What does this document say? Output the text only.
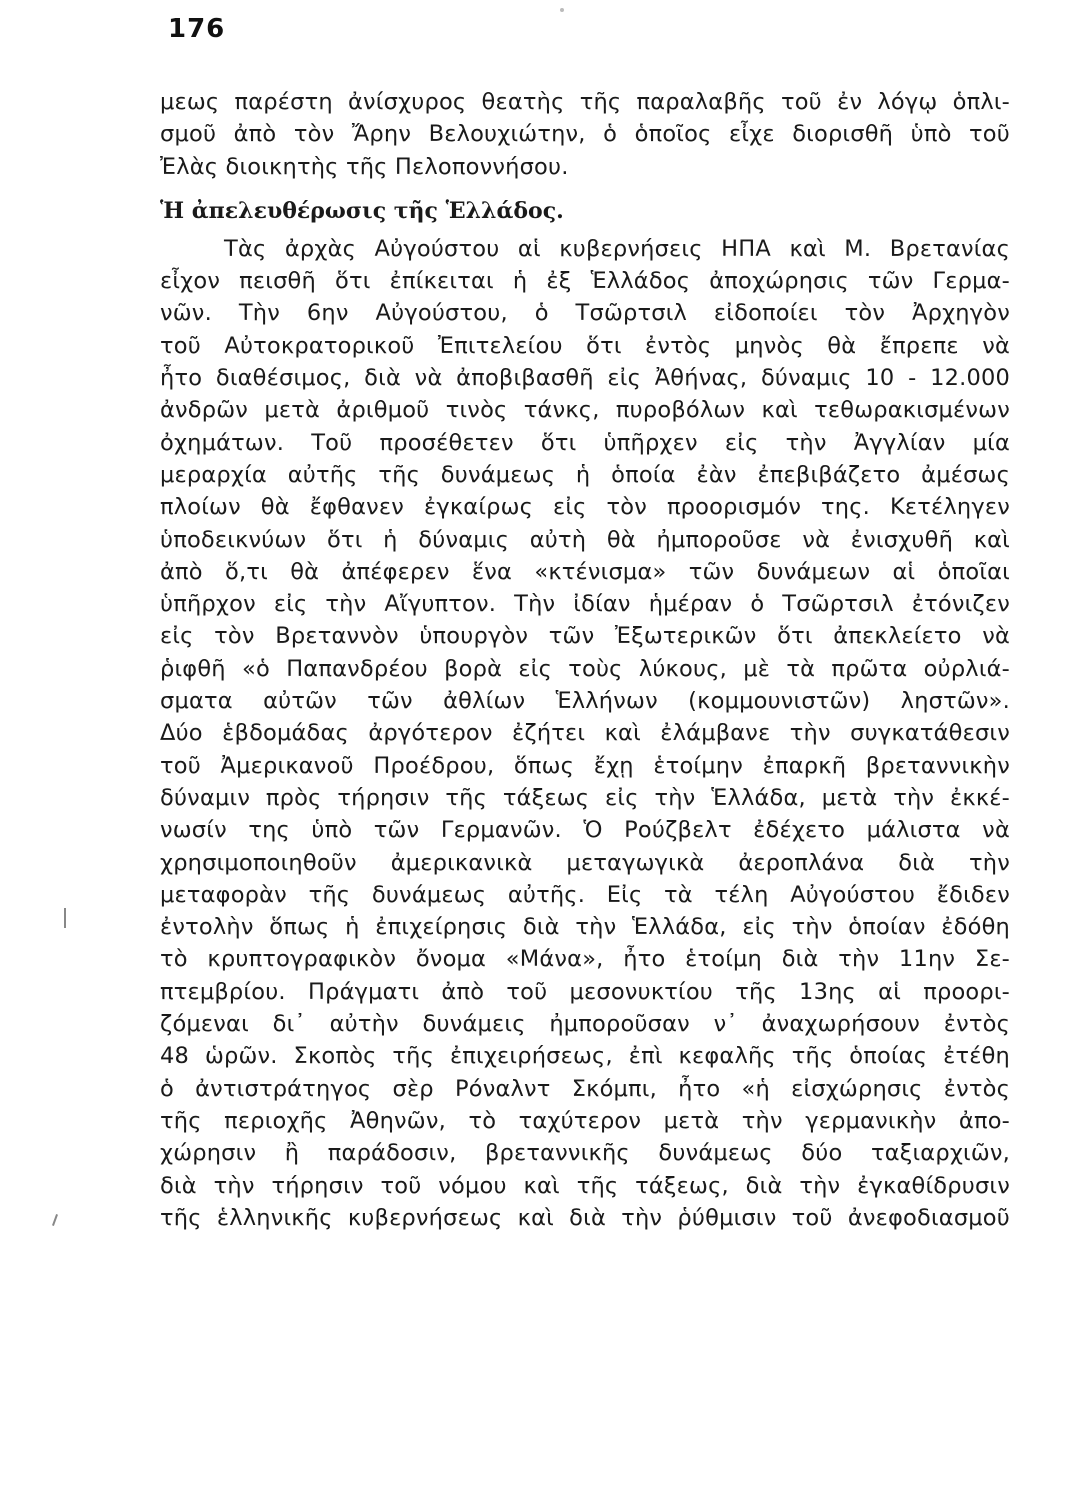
176
μεως παρέστη ἀνίσχυρος θεατὴς τῆς παραλαβῆς τοῦ ἐν λόγῳ ὁπλι-
σμοῦ ἀπὸ τὸν Ἄρην Βελουχιώτην, ὁ ὁποῖος εἶχε διορισθῆ ὑπὸ τοῦ
Ἐλὰς διοικητὴς τῆς Πελοποννήσου.
Ἡ ἀπελευθέρωσις τῆς Ἑλλάδος.
Τὰς ἀρχὰς Αὐγούστου αἱ κυβερνήσεις ΗΠΑ καὶ Μ. Βρετανίας
εἶχον πεισθῆ ὅτι ἐπίκειται ἡ ἐξ Ἑλλάδος ἀποχώρησις τῶν Γερμα-
νῶν. Τὴν 6ην Αὐγούστου, ὁ Τσῶρτσιλ εἰδοποίει τὸν Ἀρχηγὸν
τοῦ Αὐτοκρατορικοῦ Ἐπιτελείου ὅτι ἐντὸς μηνὸς θὰ ἔπρεπε νὰ
ἦτο διαθέσιμος, διὰ νὰ ἀποβιβασθῆ εἰς Ἀθήνας, δύναμις 10 - 12.000
ἀνδρῶν μετὰ ἀριθμοῦ τινὸς τάνκς, πυροβόλων καὶ τεθωρακισμένων
ὀχημάτων. Τοῦ προσέθετεν ὅτι ὑπῆρχεν εἰς τὴν Ἀγγλίαν μία
μεραρχία αὐτῆς τῆς δυνάμεως ἡ ὁποία ἐὰν ἐπεβιβάζετο ἀμέσως
πλοίων θὰ ἔφθανεν ἐγκαίρως εἰς τὸν προορισμόν της. Κετέληγεν
ὑποδεικνύων ὅτι ἡ δύναμις αὐτὴ θὰ ἠμποροῦσε νὰ ἐνισχυθῆ καὶ
ἀπὸ ὅ,τι θὰ ἀπέφερεν ἕνα «κτένισμα» τῶν δυνάμεων αἱ ὁποῖαι
ὑπῆρχον εἰς τὴν Αἴγυπτον. Τὴν ἰδίαν ἡμέραν ὁ Τσῶρτσιλ ἐτόνιζεν
εἰς τὸν Βρεταννὸν ὑπουργὸν τῶν Ἐξωτερικῶν ὅτι ἀπεκλείετο νὰ
ῥιφθῆ «ὁ Παπανδρέου βορὰ εἰς τοὺς λύκους, μὲ τὰ πρῶτα οὐρλιά-
σματα αὐτῶν τῶν ἀθλίων Ἑλλήνων (κομμουνιστῶν) ληστῶν».
Δύο ἑβδομάδας ἀργότερον ἐζήτει καὶ ἐλάμβανε τὴν συγκατάθεσιν
τοῦ Ἀμερικανοῦ Προέδρου, ὅπως ἔχῃ ἑτοίμην ἐπαρκῆ βρεταννικὴν
δύναμιν πρὸς τήρησιν τῆς τάξεως εἰς τὴν Ἑλλάδα, μετὰ τὴν ἐκκέ-
νωσίν της ὑπὸ τῶν Γερμανῶν. Ὁ Ρούζβελτ ἐδέχετο μάλιστα νὰ
χρησιμοποιηθοῦν ἀμερικανικὰ μεταγωγικὰ ἀεροπλάνα διὰ τὴν
μεταφορὰν τῆς δυνάμεως αὐτῆς. Εἰς τὰ τέλη Αὐγούστου ἔδιδεν
ἐντολὴν ὅπως ἡ ἐπιχείρησις διὰ τὴν Ἑλλάδα, εἰς τὴν ὁποίαν ἐδόθη
τὸ κρυπτογραφικὸν ὄνομα «Μάνα», ἦτο ἑτοίμη διὰ τὴν 11ην Σε-
πτεμβρίου. Πράγματι ἀπὸ τοῦ μεσονυκτίου τῆς 13ης αἱ προορι-
ζόμεναι δι᾿ αὐτὴν δυνάμεις ἠμποροῦσαν ν᾿ ἀναχωρήσουν ἐντὸς
48 ὡρῶν. Σκοπὸς τῆς ἐπιχειρήσεως, ἐπὶ κεφαλῆς τῆς ὁποίας ἐτέθη
ὁ ἀντιστράτηγος σὲρ Ρόναλντ Σκόμπι, ἦτο «ἡ εἰσχώρησις ἐντὸς
τῆς περιοχῆς Ἀθηνῶν, τὸ ταχύτερον μετὰ τὴν γερμανικὴν ἀπο-
χώρησιν ἢ παράδοσιν, βρεταννικῆς δυνάμεως δύο ταξιαρχιῶν,
διὰ τὴν τήρησιν τοῦ νόμου καὶ τῆς τάξεως, διὰ τὴν ἐγκαθίδρυσιν
τῆς ἑλληνικῆς κυβερνήσεως καὶ διὰ τὴν ῥύθμισιν τοῦ ἀνεφοδιασμοῦ
